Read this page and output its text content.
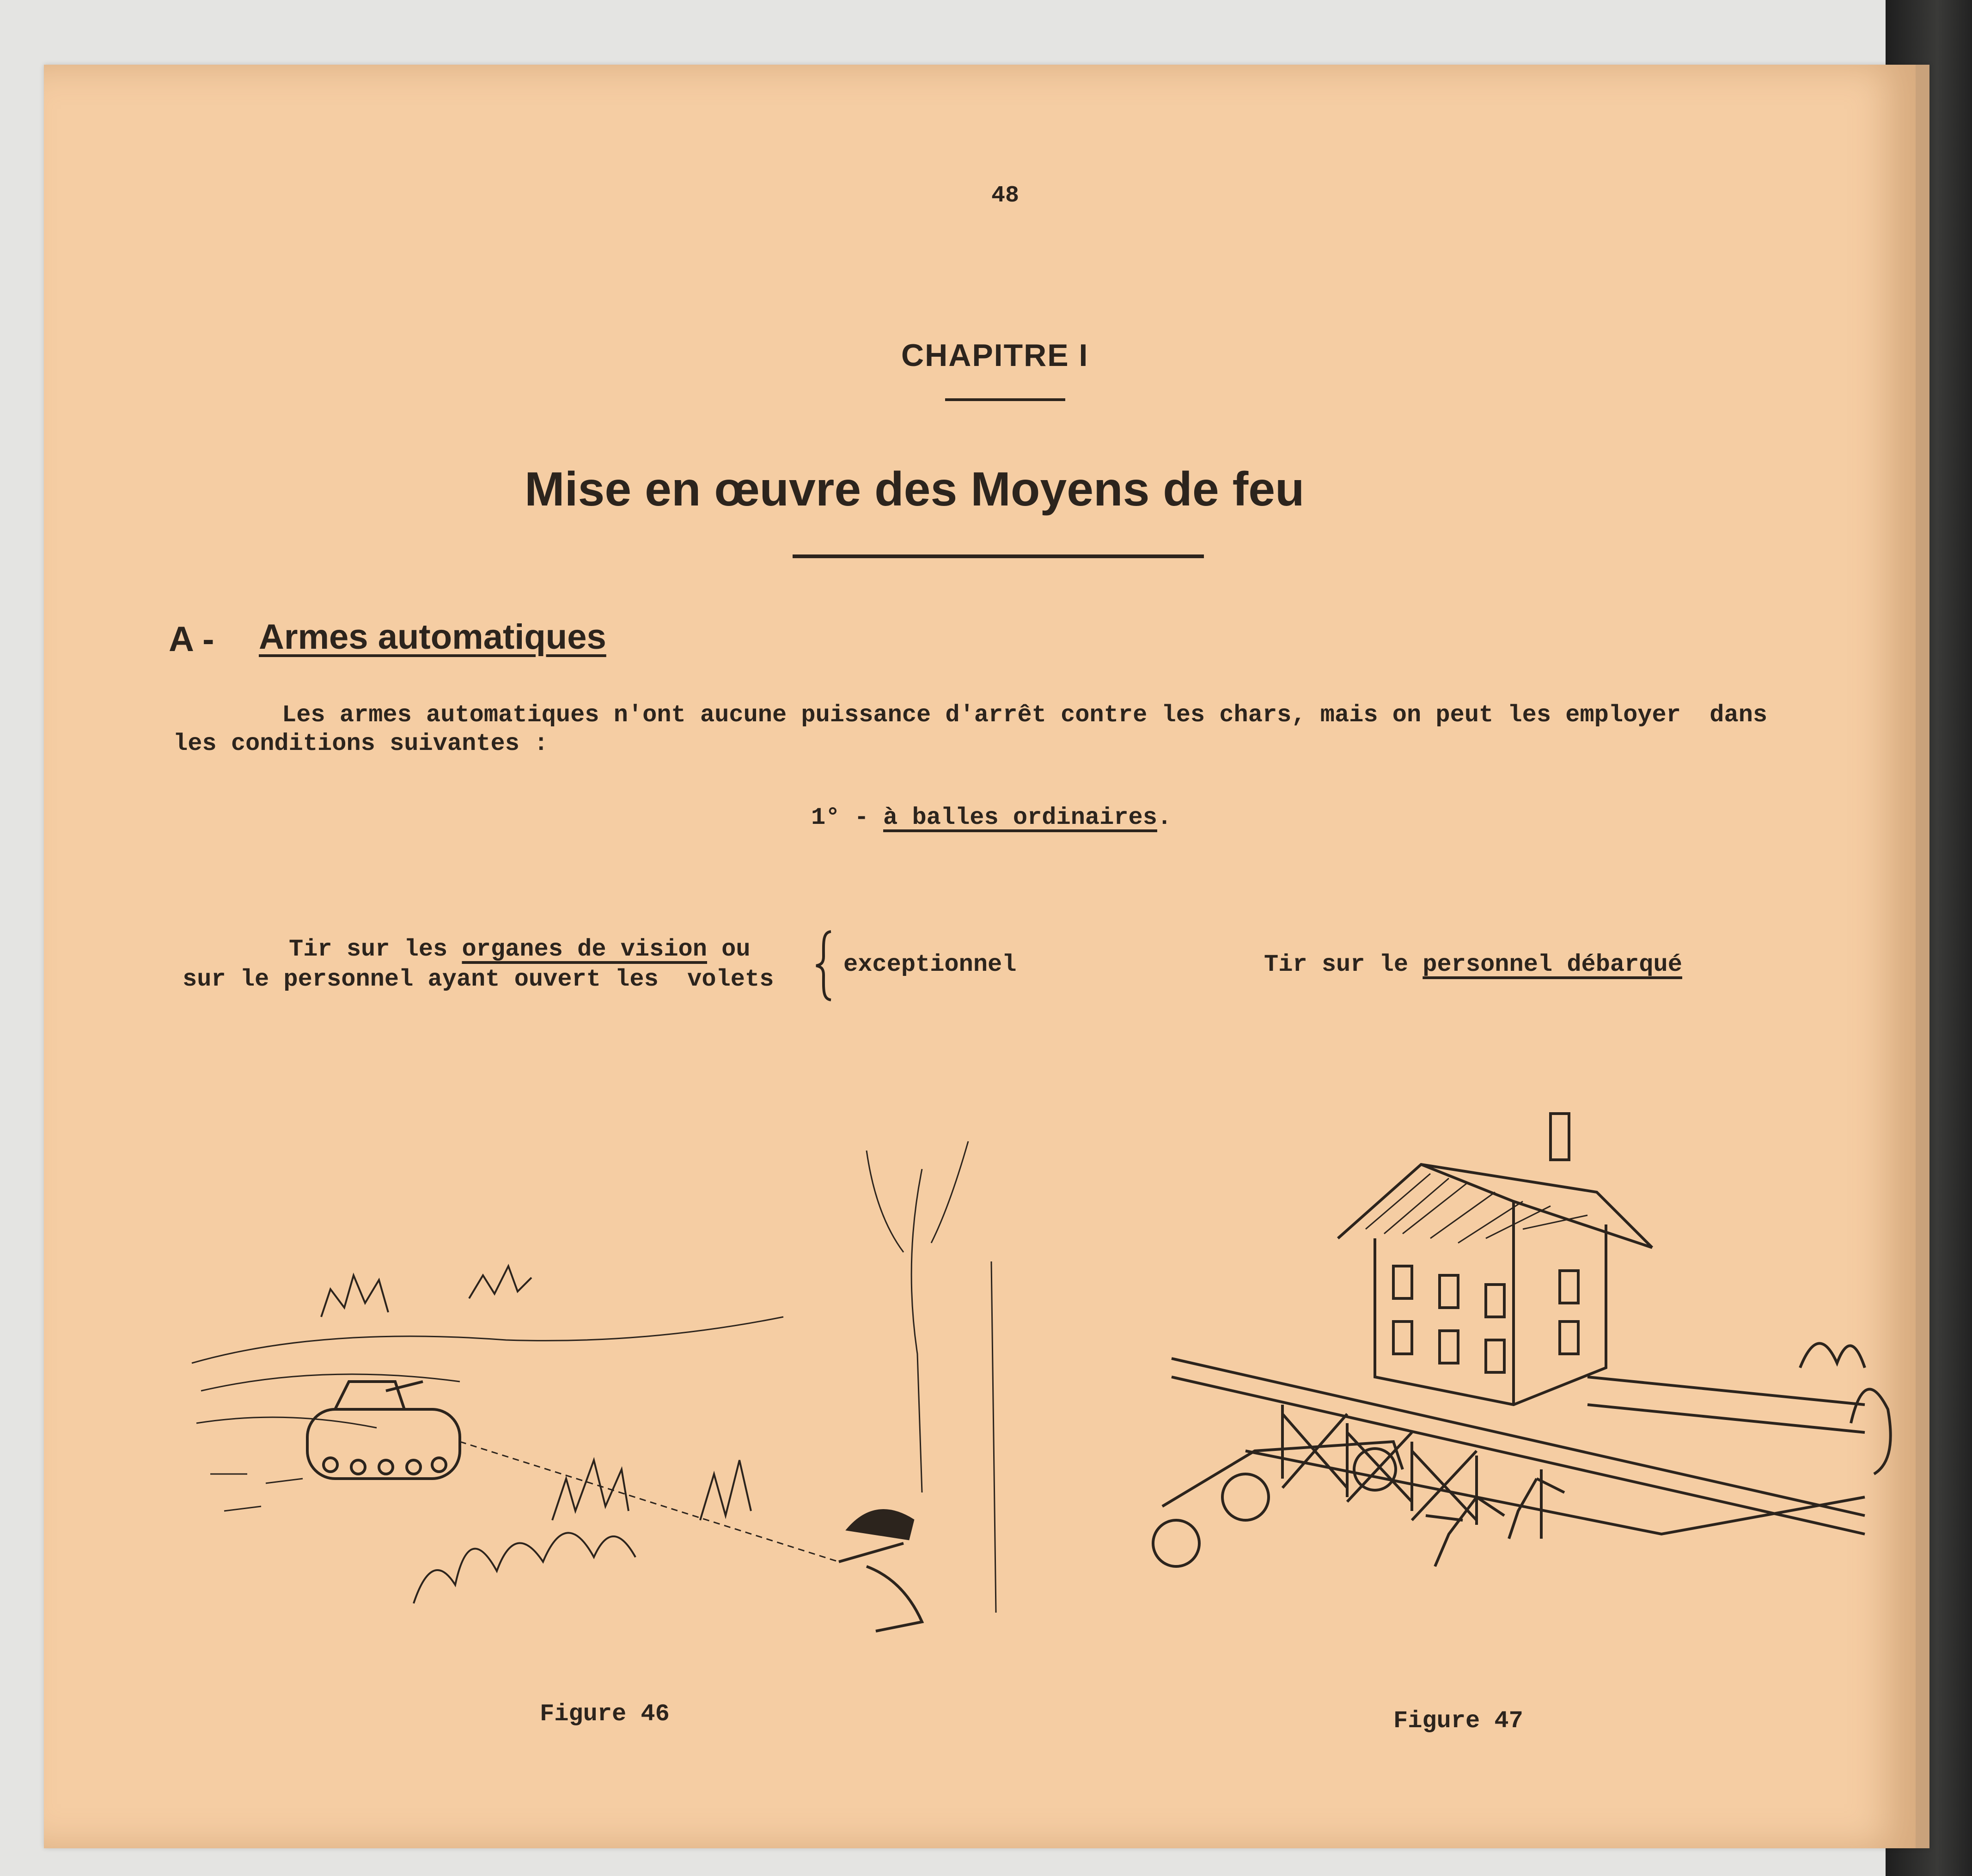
48

CHAPITRE I

Mise en œuvre des Moyens de feu

A - Armes automatiques

Les armes automatiques n'ont aucune puissance d'arrêt contre les chars, mais on peut les employer  dans

les conditions suivantes :

1° - à balles ordinaires.

Tir sur les organes de vision ou

sur le personnel ayant ouvert les  volets

exceptionnel	Tir sur le personnel débarqué

Figure 46	Figure 47
